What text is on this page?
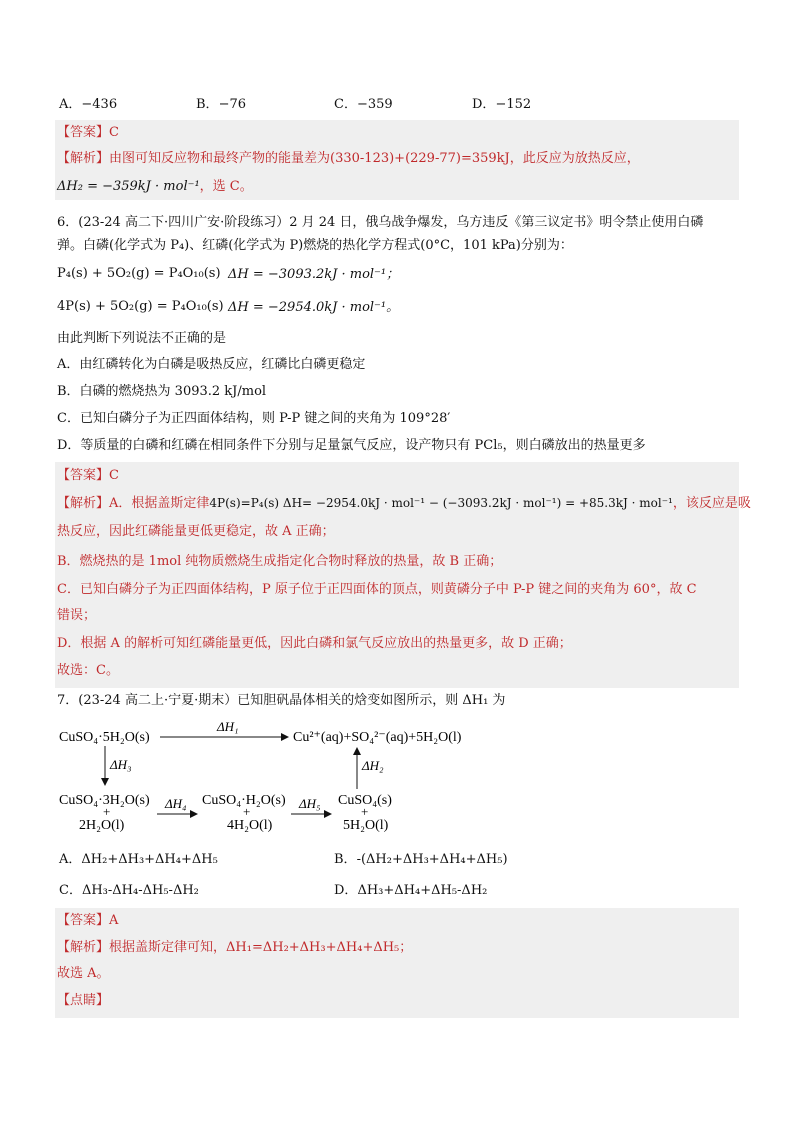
A．−436	B．−76	C．−359	D．−152
【答案】C
【解析】由图可知反应物和最终产物的能量差为(330-123)+(229-77)=359kJ，此反应为放热反应，
ΔH₂ = −359kJ · mol⁻¹，选 C。
6．(23-24 高二下·四川广安·阶段练习）2 月 24 日，俄乌战争爆发，乌方违反《第三议定书》明令禁止使用白磷
弹。白磷(化学式为 P₄)、红磷(化学式为 P)燃烧的热化学方程式(0°C，101 kPa)分别为：
P₄(s) + 5O₂(g) = P₄O₁₀(s) ΔH = −3093.2kJ · mol⁻¹；
4P(s) + 5O₂(g) = P₄O₁₀(s) ΔH = −2954.0kJ · mol⁻¹。
由此判断下列说法不正确的是
A．由红磷转化为白磷是吸热反应，红磷比白磷更稳定
B．白磷的燃烧热为 3093.2 kJ/mol
C．已知白磷分子为正四面体结构，则 P-P 键之间的夹角为 109°28′
D．等质量的白磷和红磷在相同条件下分别与足量氯气反应，设产物只有 PCl₅，则白磷放出的热量更多
【答案】C
【解析】A．根据盖斯定律4P(s)=P₄(s) ΔH= −2954.0kJ · mol⁻¹ − (−3093.2kJ · mol⁻¹) = +85.3kJ · mol⁻¹，该反应是吸
热反应，因此红磷能量更低更稳定，故 A 正确；
B．燃烧热的是 1mol 纯物质燃烧生成指定化合物时释放的热量，故 B 正确；
C．已知白磷分子为正四面体结构，P 原子位于正四面体的顶点，则黄磷分子中 P-P 键之间的夹角为 60°，故 C
错误；
D．根据 A 的解析可知红磷能量更低，因此白磷和氯气反应放出的热量更多，故 D 正确；
故选：C。
7．(23-24 高二上·宁夏·期末）已知胆矾晶体相关的焓变如图所示，则 ΔH₁ 为
CuSO₄·5H₂O(s)
ΔH₁
Cu²⁺(aq)+SO₄²⁻(aq)+5H₂O(l)
ΔH₃	ΔH₂
CuSO₄·3H₂O(s)
+
2H₂O(l)
ΔH₄ CuSO₄·H₂O(s)
+
4H₂O(l)
ΔH₅ CuSO₄(s)
+
5H₂O(l)
A．ΔH₂+ΔH₃+ΔH₄+ΔH₅	B．-(ΔH₂+ΔH₃+ΔH₄+ΔH₅)
C．ΔH₃-ΔH₄-ΔH₅-ΔH₂	D．ΔH₃+ΔH₄+ΔH₅-ΔH₂
【答案】A
【解析】根据盖斯定律可知，ΔH₁=ΔH₂+ΔH₃+ΔH₄+ΔH₅；
故选 A。
【点睛】
